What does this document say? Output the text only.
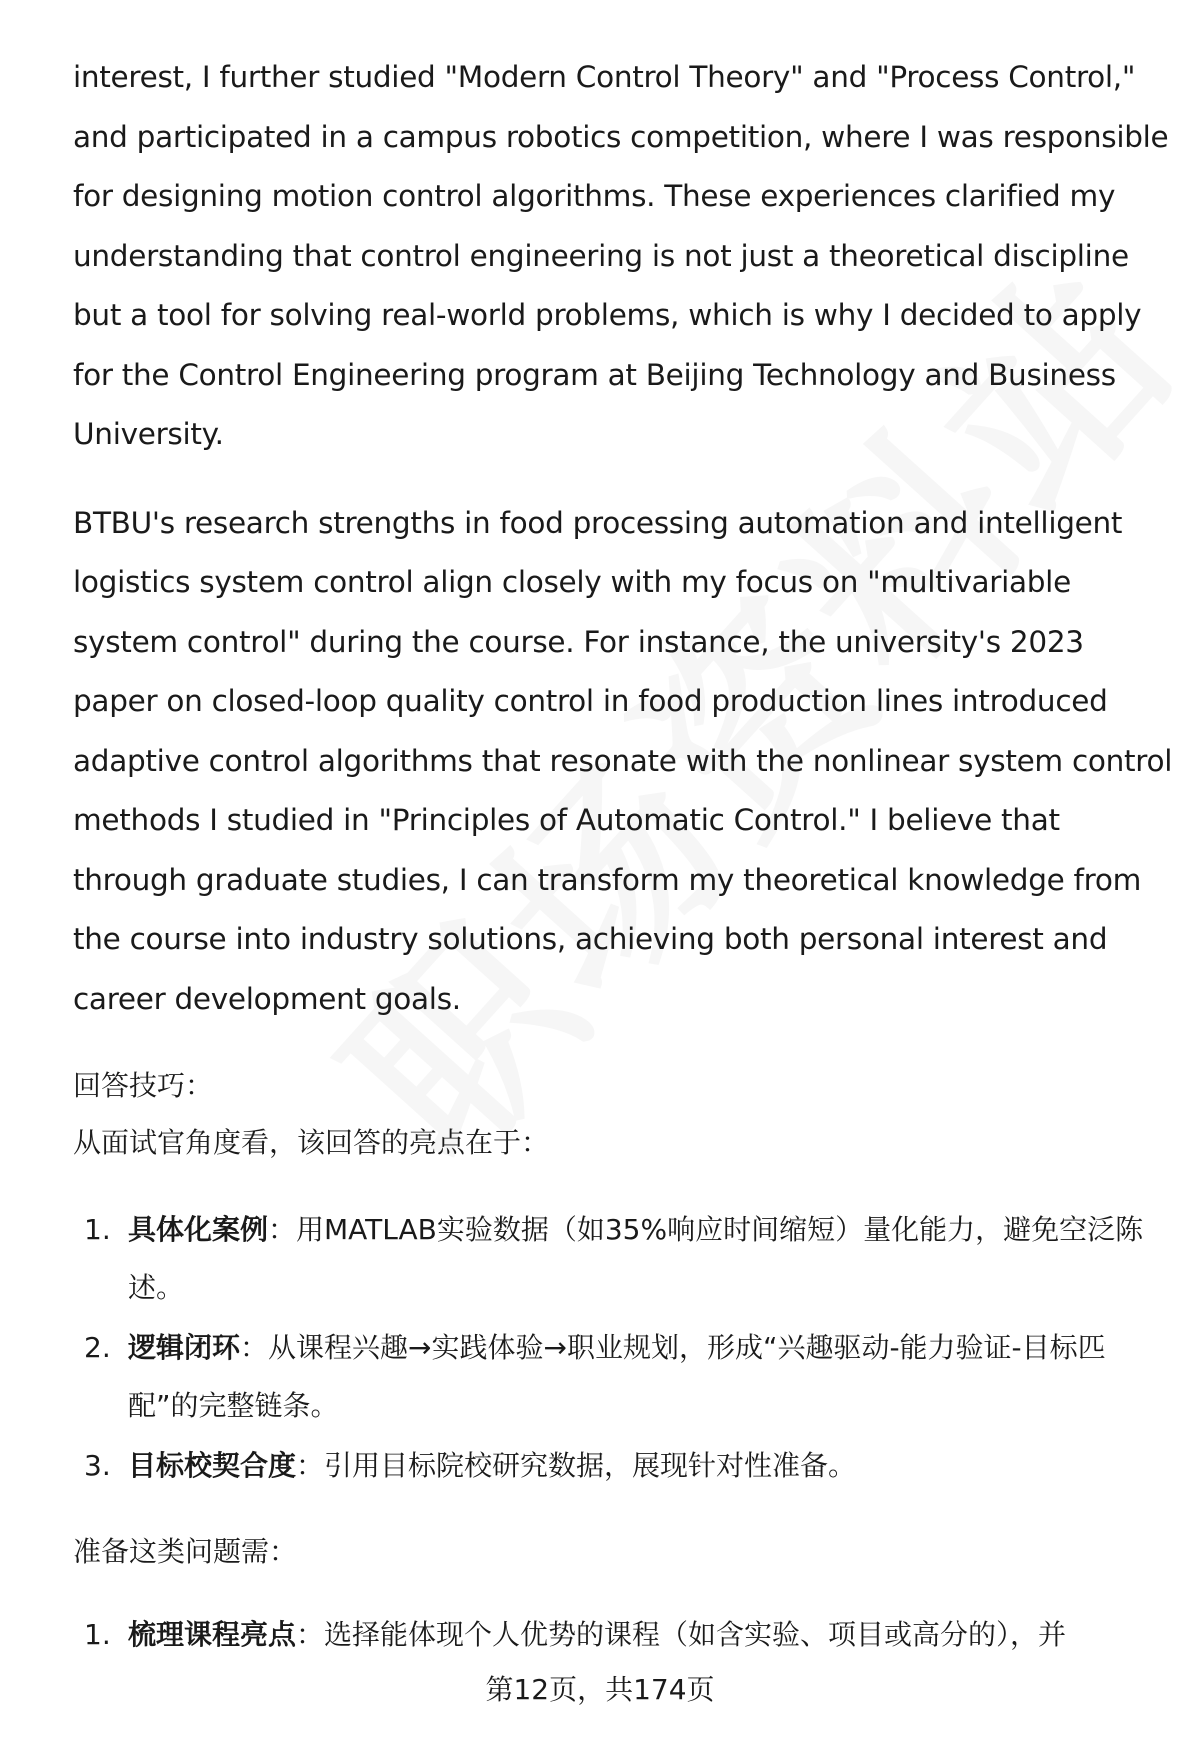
interest, I further studied "Modern Control Theory" and "Process Control," and participated in a campus robotics competition, where I was responsible for designing motion control algorithms. These experiences clarified my understanding that control engineering is not just a theoretical discipline but a tool for solving real-world problems, which is why I decided to apply for the Control Engineering program at Beijing Technology and Business University.

BTBU's research strengths in food processing automation and intelligent logistics system control align closely with my focus on "multivariable system control" during the course. For instance, the university's 2023 paper on closed-loop quality control in food production lines introduced adaptive control algorithms that resonate with the nonlinear system control methods I studied in "Principles of Automatic Control." I believe that through graduate studies, I can transform my theoretical knowledge from the course into industry solutions, achieving both personal interest and career development goals.

回答技巧：

从面试官角度看，该回答的亮点在于：

1. 具体化案例：用MATLAB实验数据（如35%响应时间缩短）量化能力，避免空泛陈述。
2. 逻辑闭环：从课程兴趣→实践体验→职业规划，形成“兴趣驱动-能力验证-目标匹配”的完整链条。
3. 目标校契合度：引用目标院校研究数据，展现针对性准备。

准备这类问题需：

1. 梳理课程亮点：选择能体现个人优势的课程（如含实验、项目或高分的），并
第12页，共174页
